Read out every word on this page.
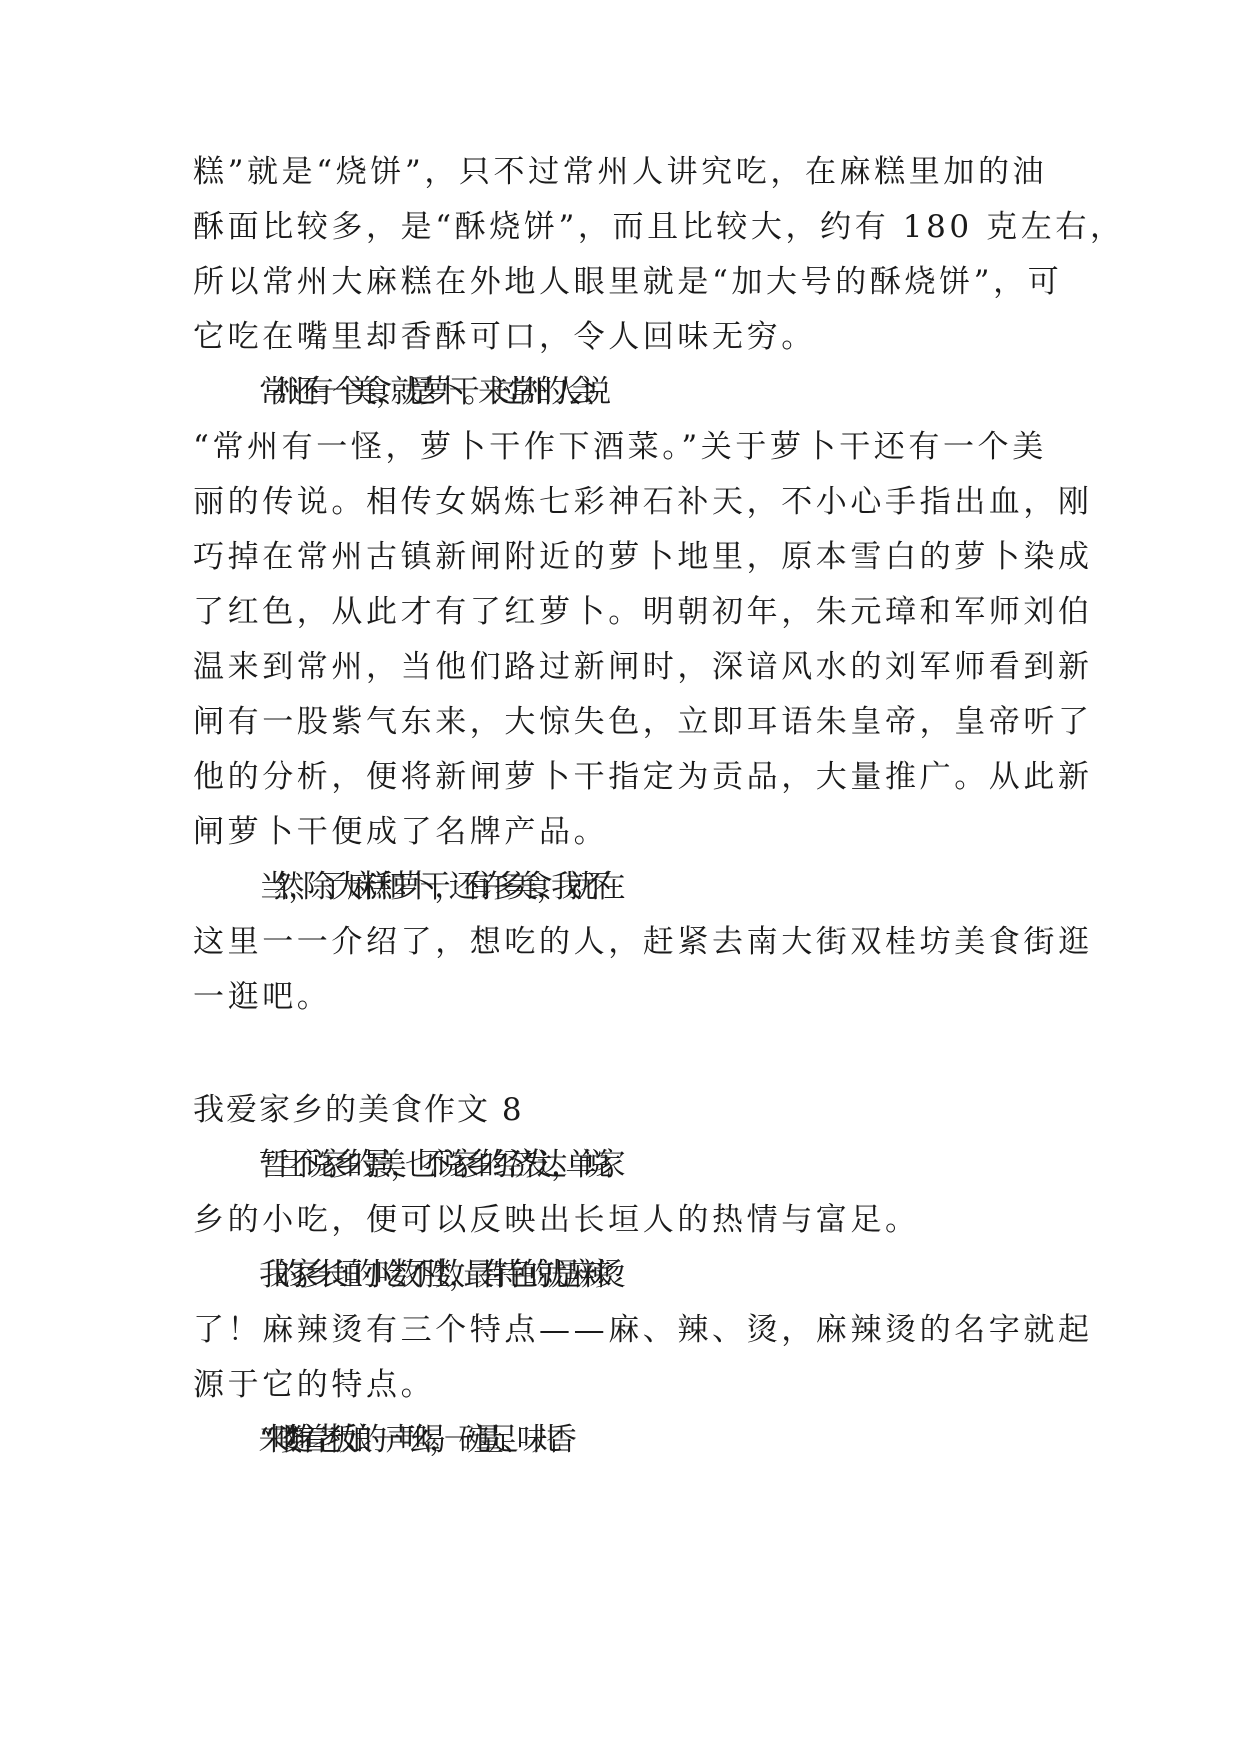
糕”就是“烧饼”，只不过常州人讲究吃，在麻糕里加的油

酥面比较多，是“酥烧饼”，而且比较大，约有 180 克左右，

所以常州大麻糕在外地人眼里就是“加大号的酥烧饼”，可

它吃在嘴里却香酥可口，令人回味无穷。

常州还有一个美食，就是萝卜干。来过常州的人会说

“常州有一怪，萝卜干作下酒菜。”关于萝卜干还有一个美

丽的传说。相传女娲炼七彩神石补天，不小心手指出血，刚

巧掉在常州古镇新闸附近的萝卜地里，原本雪白的萝卜染成

了红色，从此才有了红萝卜。明朝初年，朱元璋和军师刘伯

温来到常州，当他们路过新闸时，深谙风水的刘军师看到新

闸有一股紫气东来，大惊失色，立即耳语朱皇帝，皇帝听了

他的分析，便将新闸萝卜干指定为贡品，大量推广。从此新

闸萝卜干便成了名牌产品。

当然，除了大麻糕和萝卜干，还有许多美食，我就不在

这里一一介绍了，想吃的人，赶紧去南大街双桂坊美食街逛

一逛吧。

我爱家乡的美食作文 8

暂且不说家乡的景美，也不说家乡的经济发达，单说家

乡的小吃，便可以反映出长垣人的热情与富足。

我的家乡长垣的小吃数不胜数，最有特色的就是麻辣烫

了！麻辣烫有三个特点——麻、辣、烫，麻辣烫的名字就起

源于它的特点。

“来喽!”随着老板娘的一声吆喝，一碗量足、味儿香
